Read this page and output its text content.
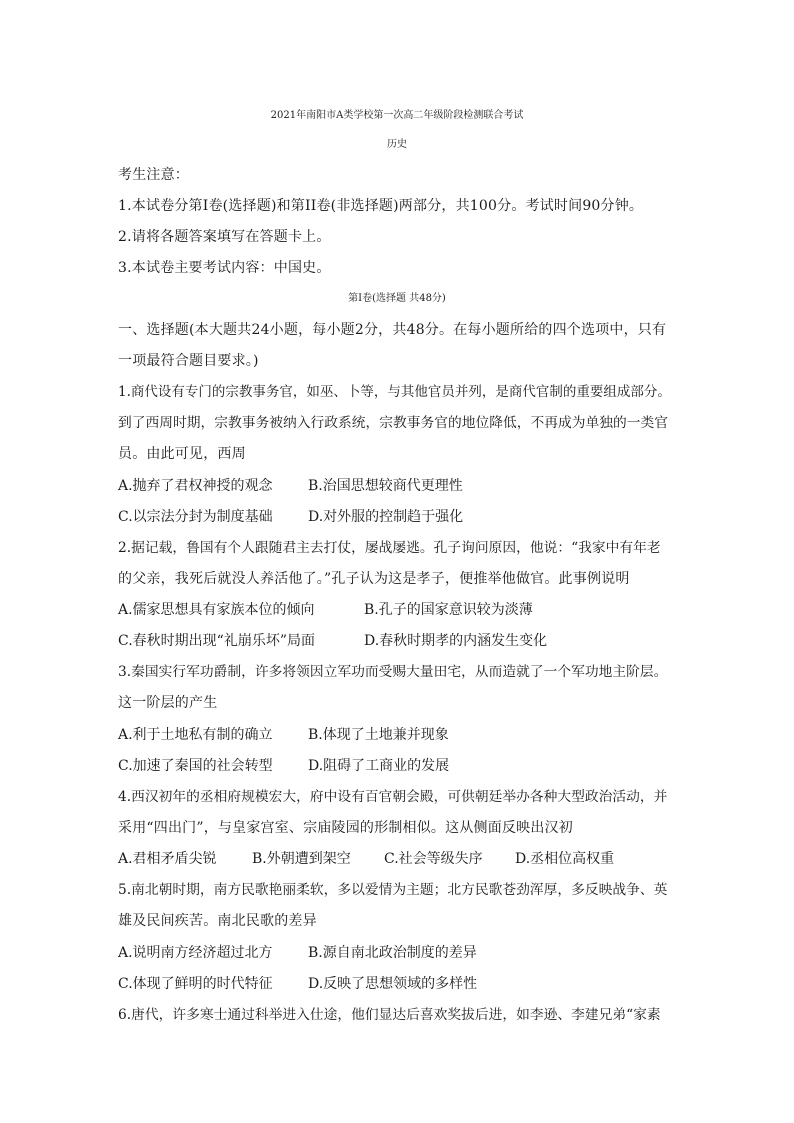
2021年南阳市A类学校第一次高二年级阶段检测联合考试
历史
考生注意：
1.本试卷分第I卷(选择题)和第II卷(非选择题)两部分，共100分。考试时间90分钟。
2.请将各题答案填写在答题卡上。
3.本试卷主要考试内容：中国史。
第I卷(选择题 共48分)
一、选择题(本大题共24小题，每小题2分，共48分。在每小题所给的四个选项中，只有
一项最符合题目要求。)
1.商代设有专门的宗教事务官，如巫、卜等，与其他官员并列，是商代官制的重要组成部分。
到了西周时期，宗教事务被纳入行政系统，宗教事务官的地位降低，不再成为单独的一类官
员。由此可见，西周
A.抛弃了君权神授的观念	B.治国思想较商代更理性
C.以宗法分封为制度基础	D.对外服的控制趋于强化
2.据记载，鲁国有个人跟随君主去打仗，屡战屡逃。孔子询问原因，他说：“我家中有年老
的父亲，我死后就没人养活他了。”孔子认为这是孝子，便推举他做官。此事例说明
A.儒家思想具有家族本位的倾向	B.孔子的国家意识较为淡薄
C.春秋时期出现“礼崩乐坏”局面	D.春秋时期孝的内涵发生变化
3.秦国实行军功爵制，许多将领因立军功而受赐大量田宅，从而造就了一个军功地主阶层。
这一阶层的产生
A.利于土地私有制的确立	B.体现了土地兼并现象
C.加速了秦国的社会转型	D.阻碍了工商业的发展
4.西汉初年的丞相府规模宏大，府中设有百官朝会殿，可供朝廷举办各种大型政治活动，并
采用“四出门”，与皇家宫室、宗庙陵园的形制相似。这从侧面反映出汉初
A.君相矛盾尖锐	B.外朝遭到架空 C.社会等级失序 D.丞相位高权重
5.南北朝时期，南方民歌艳丽柔软，多以爱情为主题；北方民歌苍劲浑厚，多反映战争、英
雄及民间疾苦。南北民歌的差异
A.说明南方经济超过北方	B.源自南北政治制度的差异
C.体现了鲜明的时代特征	D.反映了思想领域的多样性
6.唐代，许多寒士通过科举进入仕途，他们显达后喜欢奖拔后进，如李逊、李建兄弟“家素
